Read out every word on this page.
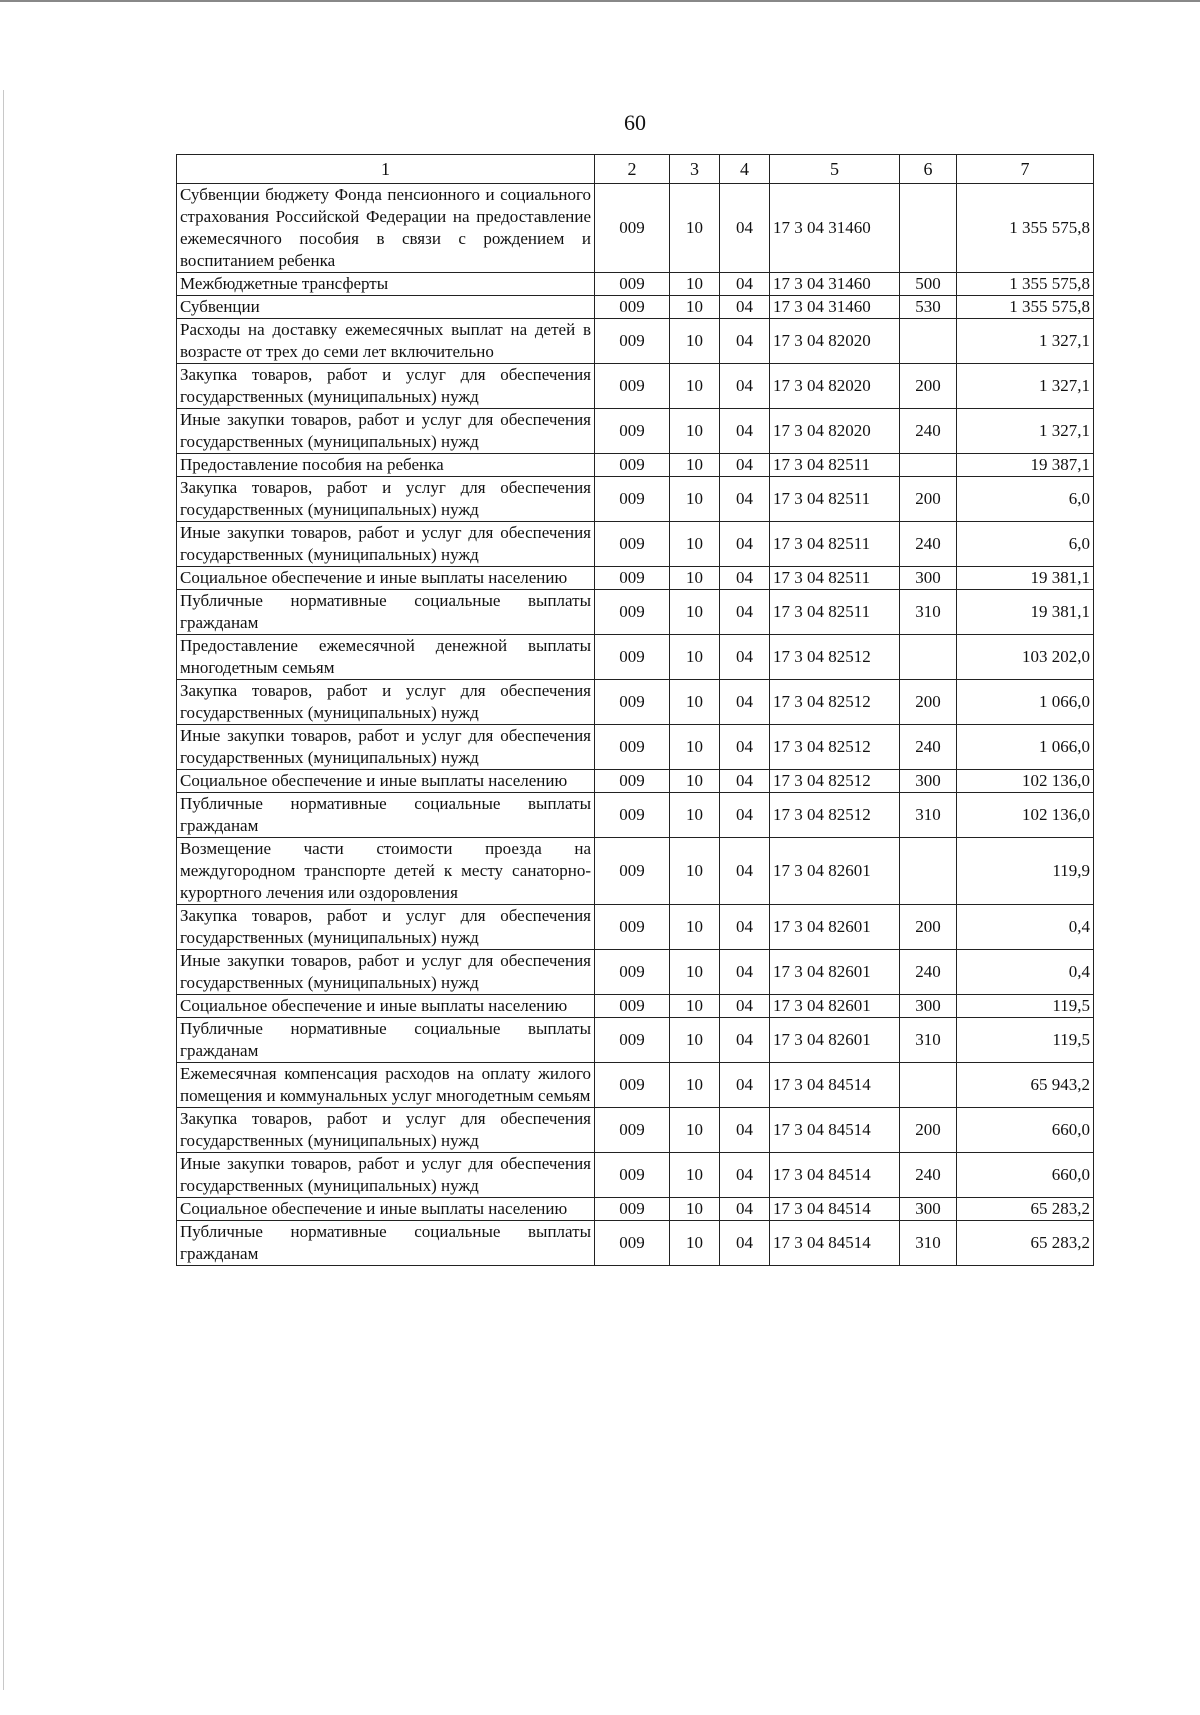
60
1	2	3	4	5	6	7
Субвенции бюджету Фонда пенсионного и социального страхования Российской Федерации на предоставление ежемесячного пособия в связи с рождением и воспитанием ребенка	009	10	04	17 3 04 31460		1 355 575,8
Межбюджетные трансферты	009	10	04	17 3 04 31460	500	1 355 575,8
Субвенции	009	10	04	17 3 04 31460	530	1 355 575,8
Расходы на доставку ежемесячных выплат на детей в возрасте от трех до семи лет включительно	009	10	04	17 3 04 82020		1 327,1
Закупка товаров, работ и услуг для обеспечения государственных (муниципальных) нужд	009	10	04	17 3 04 82020	200	1 327,1
Иные закупки товаров, работ и услуг для обеспечения государственных (муниципальных) нужд	009	10	04	17 3 04 82020	240	1 327,1
Предоставление пособия на ребенка	009	10	04	17 3 04 82511		19 387,1
Закупка товаров, работ и услуг для обеспечения государственных (муниципальных) нужд	009	10	04	17 3 04 82511	200	6,0
Иные закупки товаров, работ и услуг для обеспечения государственных (муниципальных) нужд	009	10	04	17 3 04 82511	240	6,0
Социальное обеспечение и иные выплаты населению	009	10	04	17 3 04 82511	300	19 381,1
Публичные нормативные социальные выплаты гражданам	009	10	04	17 3 04 82511	310	19 381,1
Предоставление ежемесячной денежной выплаты многодетным семьям	009	10	04	17 3 04 82512		103 202,0
Закупка товаров, работ и услуг для обеспечения государственных (муниципальных) нужд	009	10	04	17 3 04 82512	200	1 066,0
Иные закупки товаров, работ и услуг для обеспечения государственных (муниципальных) нужд	009	10	04	17 3 04 82512	240	1 066,0
Социальное обеспечение и иные выплаты населению	009	10	04	17 3 04 82512	300	102 136,0
Публичные нормативные социальные выплаты гражданам	009	10	04	17 3 04 82512	310	102 136,0
Возмещение части стоимости проезда на междугородном транспорте детей к месту санаторно-курортного лечения или оздоровления	009	10	04	17 3 04 82601		119,9
Закупка товаров, работ и услуг для обеспечения государственных (муниципальных) нужд	009	10	04	17 3 04 82601	200	0,4
Иные закупки товаров, работ и услуг для обеспечения государственных (муниципальных) нужд	009	10	04	17 3 04 82601	240	0,4
Социальное обеспечение и иные выплаты населению	009	10	04	17 3 04 82601	300	119,5
Публичные нормативные социальные выплаты гражданам	009	10	04	17 3 04 82601	310	119,5
Ежемесячная компенсация расходов на оплату жилого помещения и коммунальных услуг многодетным семьям	009	10	04	17 3 04 84514		65 943,2
Закупка товаров, работ и услуг для обеспечения государственных (муниципальных) нужд	009	10	04	17 3 04 84514	200	660,0
Иные закупки товаров, работ и услуг для обеспечения государственных (муниципальных) нужд	009	10	04	17 3 04 84514	240	660,0
Социальное обеспечение и иные выплаты населению	009	10	04	17 3 04 84514	300	65 283,2
Публичные нормативные социальные выплаты гражданам	009	10	04	17 3 04 84514	310	65 283,2
